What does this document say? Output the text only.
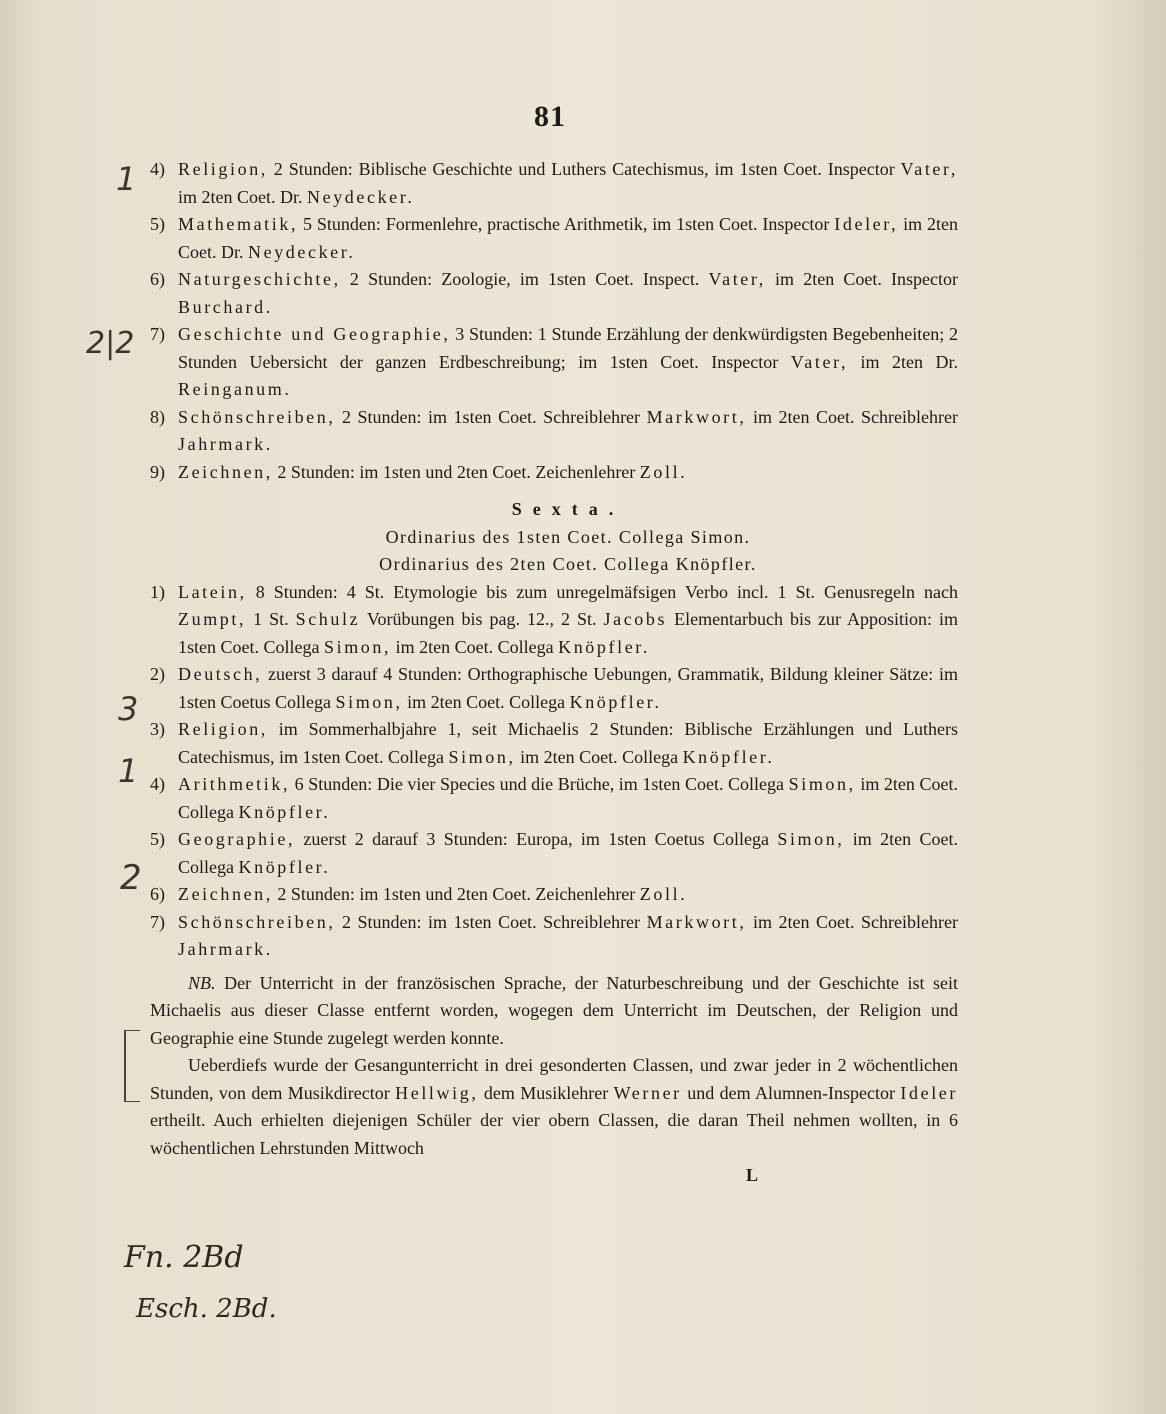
81
1
2|2
3
1
2
4) Religion, 2 Stunden: Biblische Geschichte und Luthers Catechismus, im 1sten Coet. Inspector Vater, im 2ten Coet. Dr. Neydecker.
5) Mathematik, 5 Stunden: Formenlehre, practische Arithmetik, im 1sten Coet. Inspector Ideler, im 2ten Coet. Dr. Neydecker.
6) Naturgeschichte, 2 Stunden: Zoologie, im 1sten Coet. Inspect. Vater, im 2ten Coet. Inspector Burchard.
7) Geschichte und Geographie, 3 Stunden: 1 Stunde Erzählung der denkwürdigsten Begebenheiten; 2 Stunden Uebersicht der ganzen Erdbeschreibung; im 1sten Coet. Inspector Vater, im 2ten Dr. Reinganum.
8) Schönschreiben, 2 Stunden: im 1sten Coet. Schreiblehrer Markwort, im 2ten Coet. Schreiblehrer Jahrmark.
9) Zeichnen, 2 Stunden: im 1sten und 2ten Coet. Zeichenlehrer Zoll.
Sexta.
Ordinarius des 1sten Coet. Collega Simon.
Ordinarius des 2ten Coet. Collega Knöpfler.
1) Latein, 8 Stunden: 4 St. Etymologie bis zum unregelmäfsigen Verbo incl. 1 St. Genusregeln nach Zumpt, 1 St. Schulz Vorübungen bis pag. 12., 2 St. Jacobs Elementarbuch bis zur Apposition: im 1sten Coet. Collega Simon, im 2ten Coet. Collega Knöpfler.
2) Deutsch, zuerst 3 darauf 4 Stunden: Orthographische Uebungen, Grammatik, Bildung kleiner Sätze: im 1sten Coetus Collega Simon, im 2ten Coet. Collega Knöpfler.
3) Religion, im Sommerhalbjahre 1, seit Michaelis 2 Stunden: Biblische Erzählungen und Luthers Catechismus, im 1sten Coet. Collega Simon, im 2ten Coet. Collega Knöpfler.
4) Arithmetik, 6 Stunden: Die vier Species und die Brüche, im 1sten Coet. Collega Simon, im 2ten Coet. Collega Knöpfler.
5) Geographie, zuerst 2 darauf 3 Stunden: Europa, im 1sten Coetus Collega Simon, im 2ten Coet. Collega Knöpfler.
6) Zeichnen, 2 Stunden: im 1sten und 2ten Coet. Zeichenlehrer Zoll.
7) Schönschreiben, 2 Stunden: im 1sten Coet. Schreiblehrer Markwort, im 2ten Coet. Schreiblehrer Jahrmark.
NB. Der Unterricht in der französischen Sprache, der Naturbeschreibung und der Geschichte ist seit Michaelis aus dieser Classe entfernt worden, wogegen dem Unterricht im Deutschen, der Religion und Geographie eine Stunde zugelegt werden konnte.
Ueberdiefs wurde der Gesangunterricht in drei gesonderten Classen, und zwar jeder in 2 wöchentlichen Stunden, von dem Musikdirector Hellwig, dem Musiklehrer Werner und dem Alumnen-Inspector Ideler ertheilt. Auch erhielten diejenigen Schüler der vier obern Classen, die daran Theil nehmen wollten, in 6 wöchentlichen Lehrstunden Mittwoch
L
Fn. 2Bd
Esch. 2Bd.
